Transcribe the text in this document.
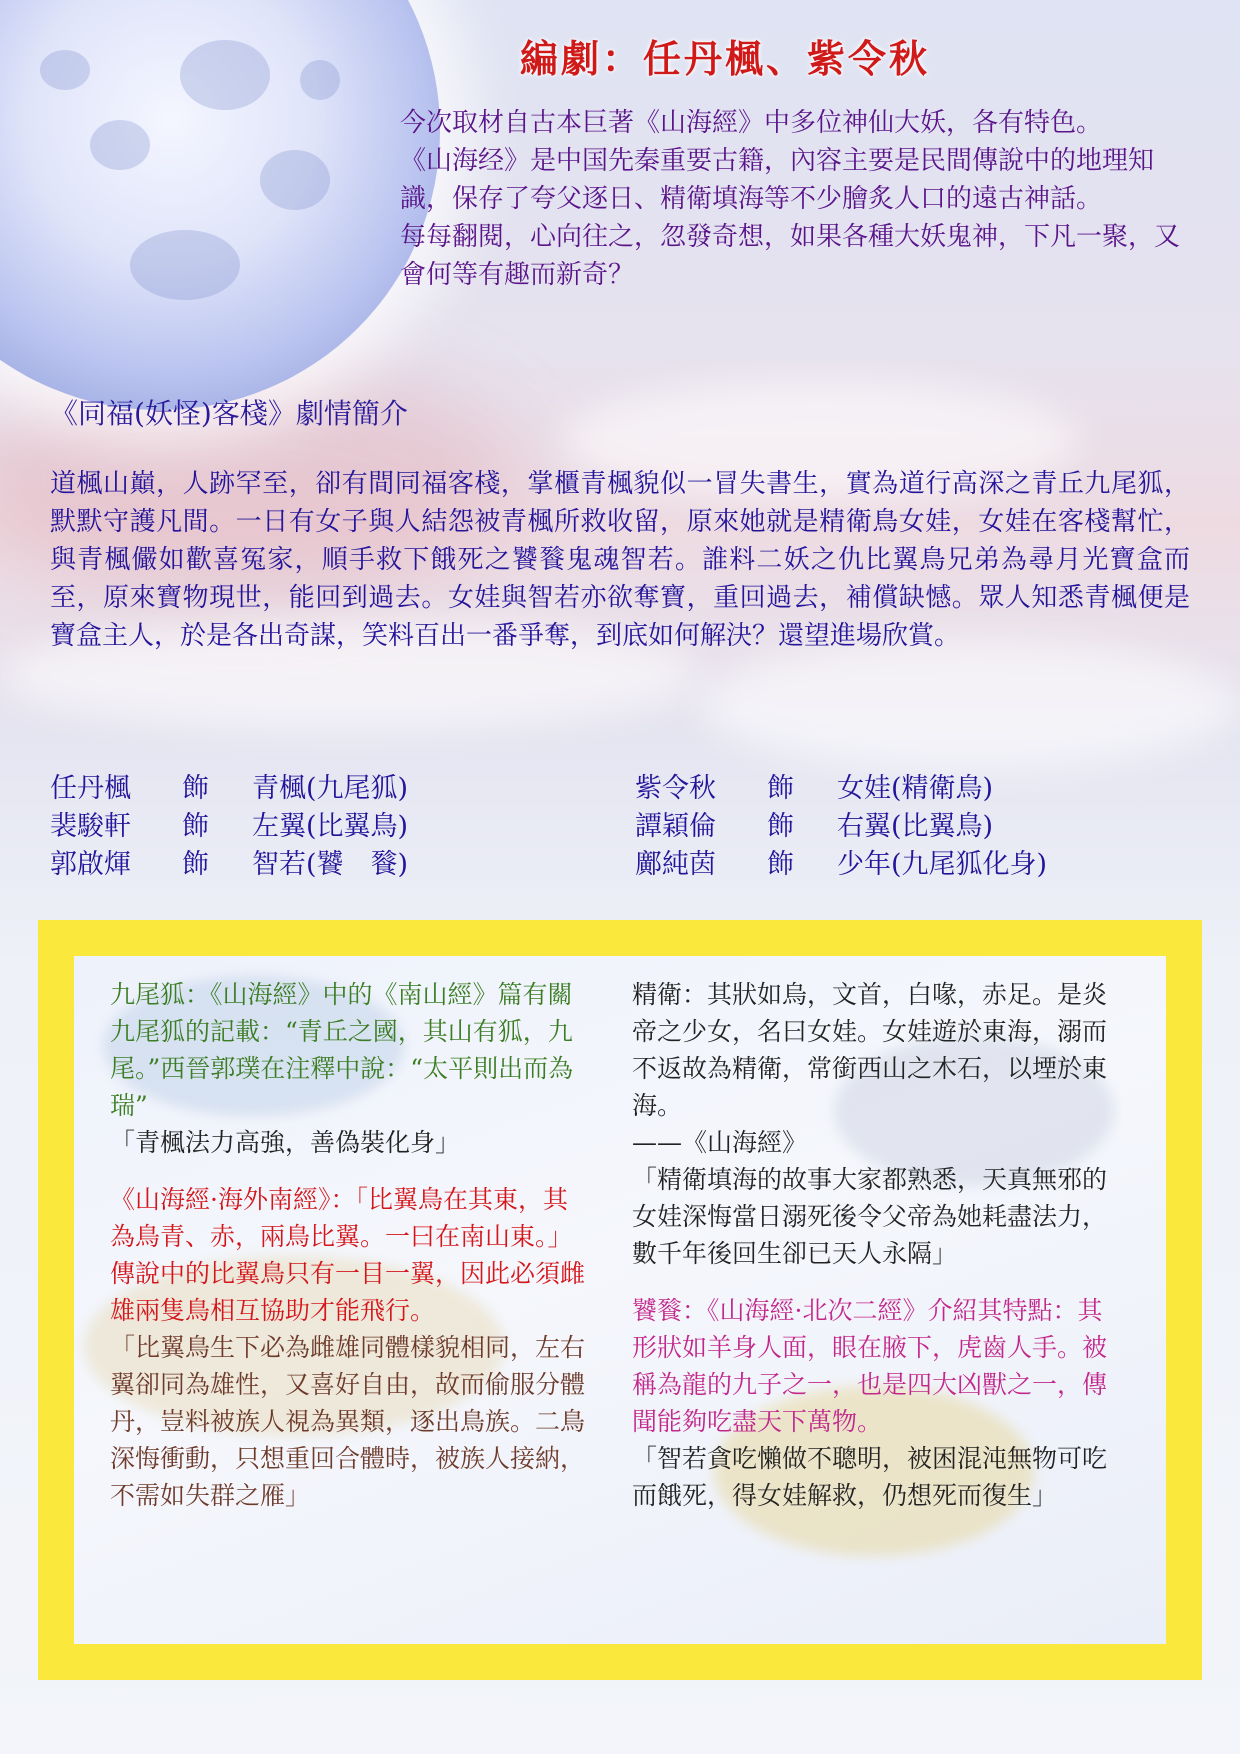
編劇：任丹楓、紫令秋

今次取材自古本巨著《山海經》中多位神仙大妖，各有特色。

《山海经》是中国先秦重要古籍，內容主要是民間傳說中的地理知識，保存了夸父逐日、精衛填海等不少膾炙人口的遠古神話。

每每翻閱，心向往之，忽發奇想，如果各種大妖鬼神，下凡一聚，又會何等有趣而新奇？

《同福(妖怪)客棧》劇情簡介

道楓山巔，人跡罕至，卻有間同福客棧，掌櫃青楓貌似一冒失書生，實為道行高深之青丘九尾狐，默默守護凡間。一日有女子與人結怨被青楓所救收留，原來她就是精衛鳥女娃，女娃在客棧幫忙，與青楓儼如歡喜冤家，順手救下餓死之饕餮鬼魂智若。誰料二妖之仇比翼鳥兄弟為尋月光寶盒而至，原來寶物現世，能回到過去。女娃與智若亦欲奪寶，重回過去，補償缺憾。眾人知悉青楓便是寶盒主人，於是各出奇謀，笑料百出一番爭奪，到底如何解決？還望進場欣賞。

任丹楓 飾 青楓(九尾狐)
裴駿軒 飾 左翼(比翼鳥)
郭啟煇 飾 智若(饕　餮)
紫令秋 飾 女娃(精衛鳥)
譚穎倫 飾 右翼(比翼鳥)
鄺純茵 飾 少年(九尾狐化身)

九尾狐：《山海經》中的《南山經》篇有關九尾狐的記載：“青丘之國，其山有狐，九尾。”西晉郭璞在注釋中說：“太平則出而為瑞”

「青楓法力高強，善偽裝化身」

《山海經·海外南經》：「比翼鳥在其東，其為鳥青、赤，兩鳥比翼。一曰在南山東。」傳說中的比翼鳥只有一目一翼，因此必須雌雄兩隻鳥相互協助才能飛行。

「比翼鳥生下必為雌雄同體樣貌相同，左右翼卻同為雄性，又喜好自由，故而偷服分體丹，豈料被族人視為異類，逐出鳥族。二鳥深悔衝動，只想重回合體時，被族人接納，不需如失群之雁」

精衛：其狀如烏，文首，白喙，赤足。是炎帝之少女，名曰女娃。女娃遊於東海，溺而不返故為精衛，常銜西山之木石，以堙於東海。

——《山海經》

「精衛填海的故事大家都熟悉，天真無邪的女娃深悔當日溺死後令父帝為她耗盡法力，數千年後回生卻已天人永隔」

饕餮：《山海經·北次二經》介紹其特點：其形狀如羊身人面，眼在腋下，虎齒人手。被稱為龍的九子之一，也是四大凶獸之一，傳聞能夠吃盡天下萬物。

「智若貪吃懶做不聰明，被困混沌無物可吃而餓死，得女娃解救，仍想死而復生」
